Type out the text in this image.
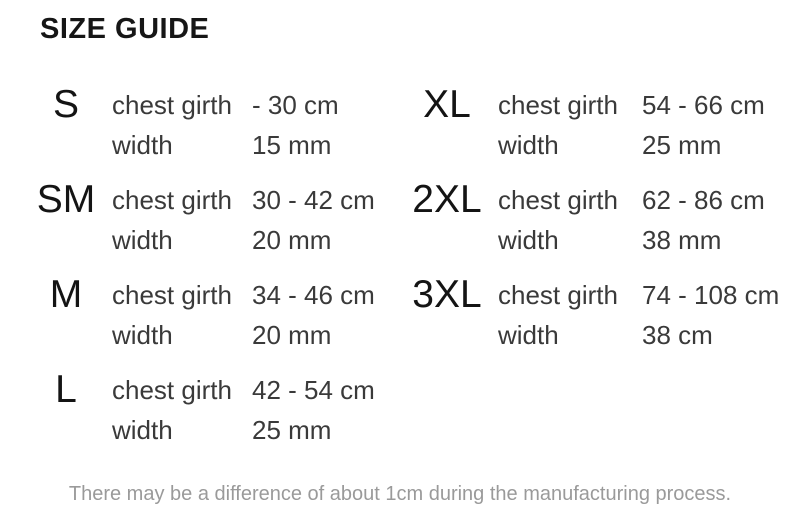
SIZE GUIDE
S	chest girth - 30 cm
width	15 mm
SM chest girth 30 - 42 cm
width	20 mm
M	chest girth 34 - 46 cm
width	20 mm
L	chest girth 42 - 54 cm
width	25 mm
XL	chest girth 54 - 66 cm
width	25 mm
2XL chest girth 62 - 86 cm
width	38 mm
3XL chest girth 74 - 108 cm
width	38 cm

There may be a difference of about 1cm during the manufacturing process.
